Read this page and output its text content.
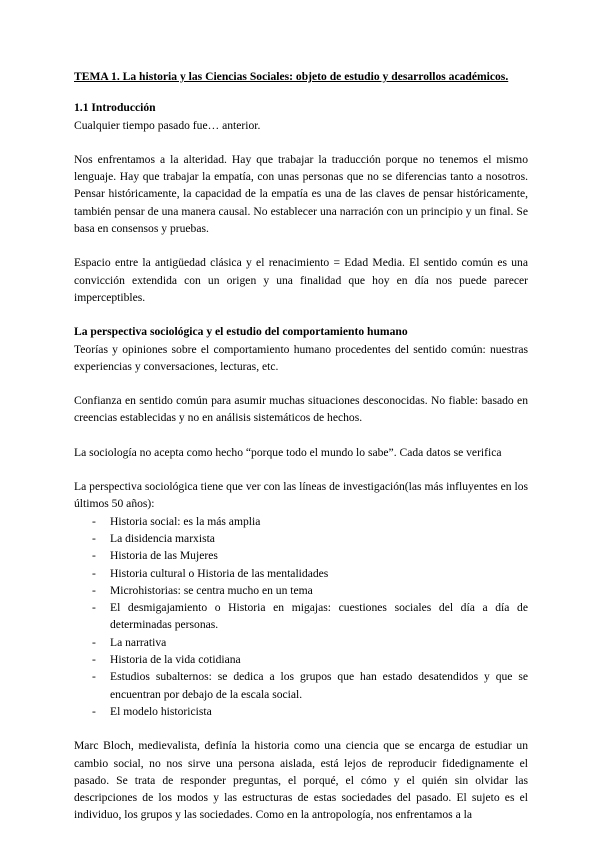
TEMA 1. La historia y las Ciencias Sociales: objeto de estudio y desarrollos académicos.
1.1 Introducción

Cualquier tiempo pasado fue… anterior.

Nos enfrentamos a la alteridad. Hay que trabajar la traducción porque no tenemos el mismo lenguaje. Hay que trabajar la empatía, con unas personas que no se diferencias tanto a nosotros. Pensar históricamente, la capacidad de la empatía es una de las claves de pensar históricamente, también pensar de una manera causal. No establecer una narración con un principio y un final. Se basa en consensos y pruebas.

Espacio entre la antigüedad clásica y el renacimiento = Edad Media. El sentido común es una convicción extendida con un origen y una finalidad que hoy en día nos puede parecer imperceptibles.

La perspectiva sociológica y el estudio del comportamiento humano

Teorías y opiniones sobre el comportamiento humano procedentes del sentido común: nuestras experiencias y conversaciones, lecturas, etc.

Confianza en sentido común para asumir muchas situaciones desconocidas. No fiable: basado en creencias establecidas y no en análisis sistemáticos de hechos.

La sociología no acepta como hecho “porque todo el mundo lo sabe”. Cada datos se verifica

La perspectiva sociológica tiene que ver con las líneas de investigación(las más influyentes en los últimos 50 años):

- Historia social: es la más amplia
- La disidencia marxista
- Historia de las Mujeres
- Historia cultural o Historia de las mentalidades
- Microhistorias: se centra mucho en un tema
- El desmigajamiento o Historia en migajas: cuestiones sociales del día a día de determinadas personas.
- La narrativa
- Historia de la vida cotidiana
- Estudios subalternos: se dedica a los grupos que han estado desatendidos y que se encuentran por debajo de la escala social.
- El modelo historicista

Marc Bloch, medievalista, definía la historia como una ciencia que se encarga de estudiar un cambio social, no nos sirve una persona aislada, está lejos de reproducir fidedignamente el pasado. Se trata de responder preguntas, el porqué, el cómo y el quién sin olvidar las descripciones de los modos y las estructuras de estas sociedades del pasado. El sujeto es el individuo, los grupos y las sociedades. Como en la antropología, nos enfrentamos a la
